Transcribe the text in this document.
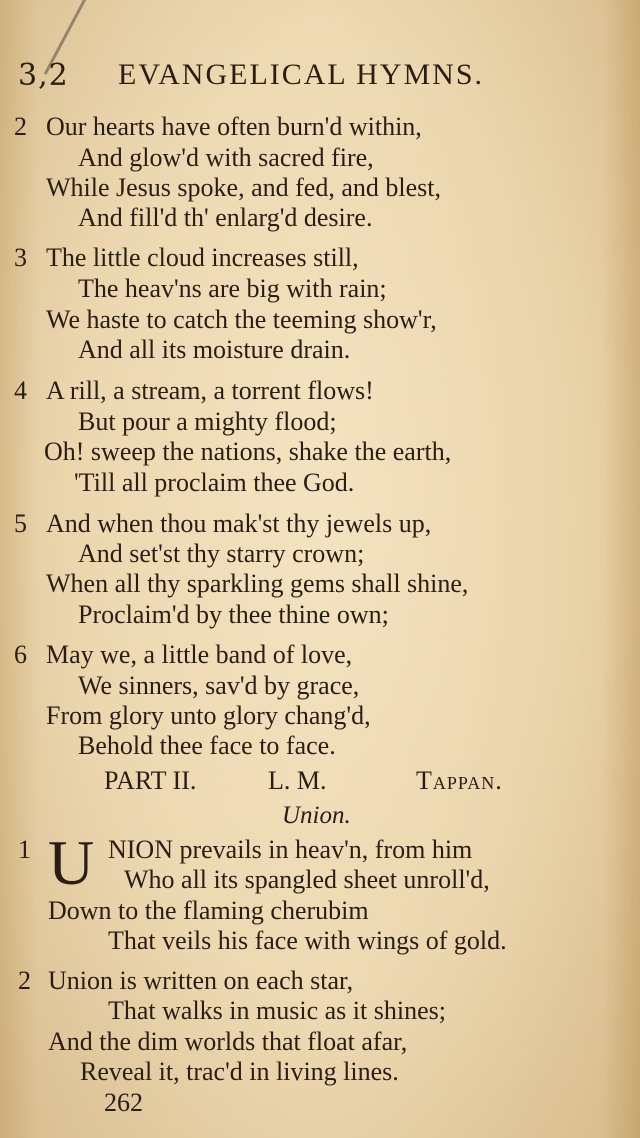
3,2 EVANGELICAL HYMNS.
2 Our hearts have often burn'd within,
And glow'd with sacred fire,
While Jesus spoke, and fed, and blest,
And fill'd th' enlarg'd desire.
3 The little cloud increases still,
The heav'ns are big with rain;
We haste to catch the teeming show'r,
And all its moisture drain.
4 A rill, a stream, a torrent flows!
But pour a mighty flood;
Oh! sweep the nations, shake the earth,
'Till all proclaim thee God.
5 And when thou mak'st thy jewels up,
And set'st thy starry crown;
When all thy sparkling gems shall shine,
Proclaim'd by thee thine own;
6 May we, a little band of love,
We sinners, sav'd by grace,
From glory unto glory chang'd,
Behold thee face to face.
PART II.	L. M.	Tappan.
Union.
1 U NION prevails in heav'n, from him
Who all its spangled sheet unroll'd,
Down to the flaming cherubim
That veils his face with wings of gold.
2 Union is written on each star,
That walks in music as it shines;
And the dim worlds that float afar,
Reveal it, trac'd in living lines.
262
